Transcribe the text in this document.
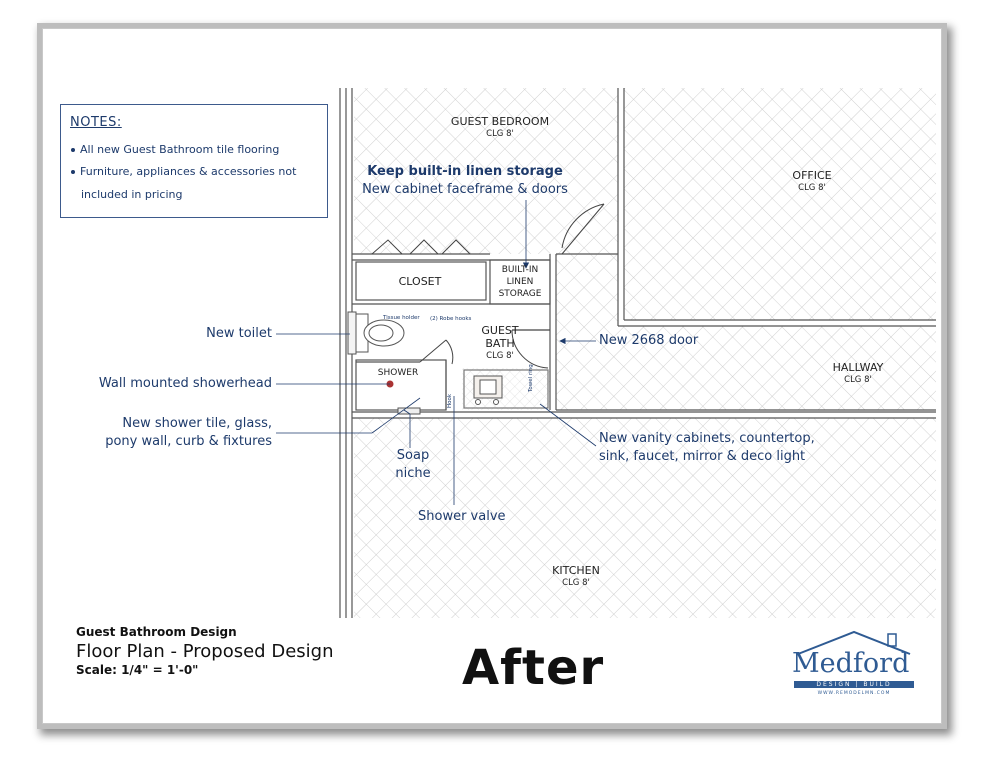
NOTES:
All new Guest Bathroom tile flooring
Furniture, appliances & accessories not
included in pricing
GUEST BEDROOM
CLG 8'
OFFICE
CLG 8'
CLOSET
BUILT-IN
LINEN
STORAGE
GUEST
BATH
CLG 8'
SHOWER	HALLWAY
CLG 8'
KITCHEN
CLG 8'
Tissue holder (2) Robe hooks
Towel ring
Hook
Keep built-in linen storage
New cabinet faceframe & doors
New toilet
Wall mounted showerhead
New shower tile, glass,
pony wall, curb & fixtures
Soap
niche
Shower valve
New 2668 door
New vanity cabinets, countertop,
sink, faucet, mirror & deco light
Guest Bathroom Design
Floor Plan - Proposed Design
Scale: 1/4" = 1'-0"	After	Medford
DESIGN | BUILD
WWW.REMODELMN.COM
